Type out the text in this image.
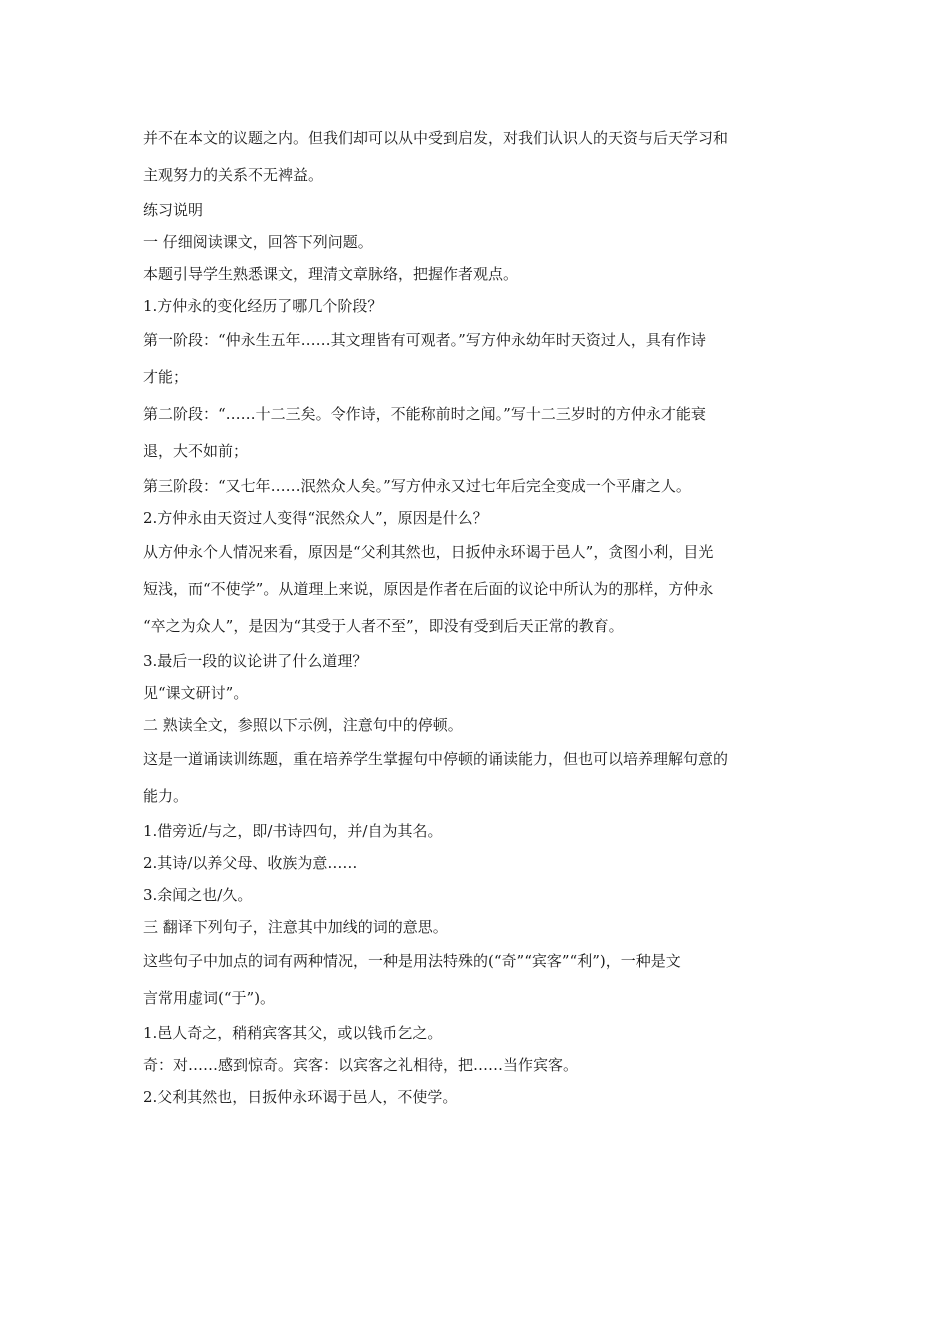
并不在本文的议题之内。但我们却可以从中受到启发，对我们认识人的天资与后天学习和
主观努力的关系不无裨益。
练习说明
一 仔细阅读课文，回答下列问题。
本题引导学生熟悉课文，理清文章脉络，把握作者观点。
1.方仲永的变化经历了哪几个阶段？
第一阶段：“仲永生五年……其文理皆有可观者。”写方仲永幼年时天资过人，具有作诗
才能；
第二阶段：“……十二三矣。令作诗，不能称前时之闻。”写十二三岁时的方仲永才能衰
退，大不如前；
第三阶段：“又七年……泯然众人矣。”写方仲永又过七年后完全变成一个平庸之人。
2.方仲永由天资过人变得“泯然众人”，原因是什么？
从方仲永个人情况来看，原因是“父利其然也，日扳仲永环谒于邑人”，贪图小利，目光
短浅，而“不使学”。从道理上来说，原因是作者在后面的议论中所认为的那样，方仲永
“卒之为众人”，是因为“其受于人者不至”，即没有受到后天正常的教育。
3.最后一段的议论讲了什么道理？
见“课文研讨”。
二 熟读全文，参照以下示例，注意句中的停顿。
这是一道诵读训练题，重在培养学生掌握句中停顿的诵读能力，但也可以培养理解句意的
能力。
1.借旁近/与之，即/书诗四句，并/自为其名。
2.其诗/以养父母、收族为意……
3.余闻之也/久。
三 翻译下列句子，注意其中加线的词的意思。
这些句子中加点的词有两种情况，一种是用法特殊的(“奇”“宾客”“利”)，一种是文
言常用虚词(“于”)。
1.邑人奇之，稍稍宾客其父，或以钱币乞之。
奇：对……感到惊奇。宾客：以宾客之礼相待，把……当作宾客。
2.父利其然也，日扳仲永环谒于邑人，不使学。
